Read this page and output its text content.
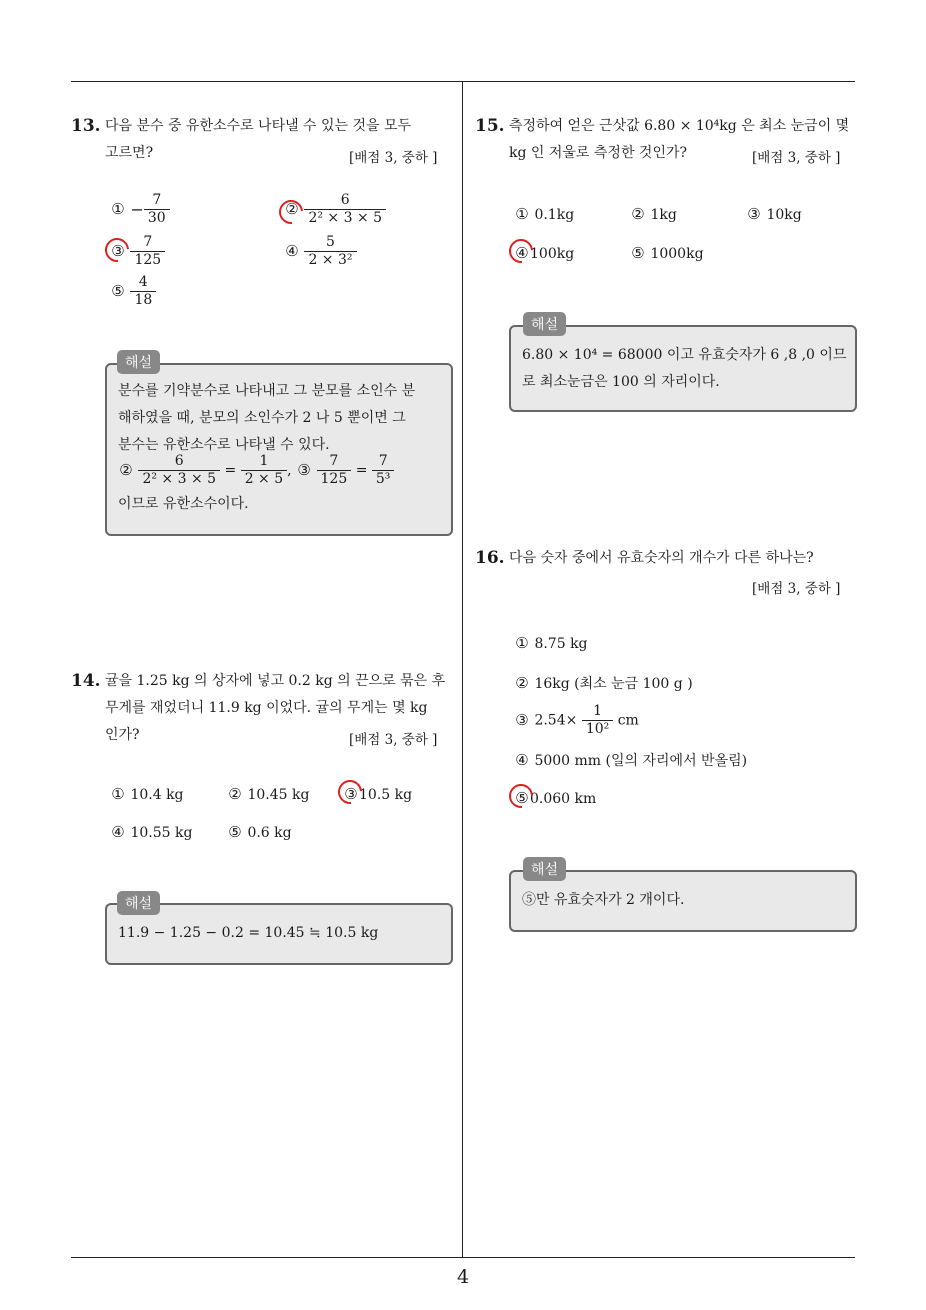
4
13. 다음 분수 중 유한소수로 나타낼 수 있는 것을 모두
고르면?	[배점 3, 중하 ]
① − $\frac{7}{30}$	② $\frac{6}{\text{2² × 3 × 5}}$
③ $\frac{7}{125}$	④ $\frac{5}{\text{2 × 3²}}$
⑤ $\frac{4}{18}$
해설
분수를 기약분수로 나타내고 그 분모를 소인수 분
해하였을 때, 분모의 소인수가 2 나 5 뿐이면 그
분수는 유한소수로 나타낼 수 있다.
② $\frac{6}{\text{2² × 3 × 5}} = \frac{1}{2 \times 5}$ , ③ $\frac{7}{125} = \frac{7}{\text{5³}}$
이므로 유한소수이다.
14. 귤을 1.25 kg 의 상자에 넣고 0.2 kg 의 끈으로 묶은 후
무게를 재었더니 11.9 kg 이었다. 귤의 무게는 몇 kg
인가?	[배점 3, 중하 ]
① 10.4 kg	② 10.45 kg ③10.5 kg
④ 10.55 kg ⑤ 0.6 kg
해설
11.9 − 1.25 − 0.2 = 10.45 ≒ 10.5 kg
15. 측정하여 얻은 근삿값 6.80 × 10⁴kg 은 최소 눈금이 몇
kg 인 저울로 측정한 것인가?	[배점 3, 중하 ]
① 0.1kg	② 1kg	③ 10kg
④100kg	⑤ 1000kg
해설
6.80 × 10⁴ = 68000 이고 유효숫자가 6 ,8 ,0 이므
로 최소눈금은 100 의 자리이다.
16. 다음 숫자 중에서 유효숫자의 개수가 다른 하나는?
[배점 3, 중하 ]
① 8.75 kg
② 16kg (최소 눈금 100 g )
③ $2.54\times \frac{1}{\text{10²}}$ cm
④ 5000 mm (일의 자리에서 반올림)
⑤0.060 km
해설
⑤만 유효숫자가 2 개이다.
